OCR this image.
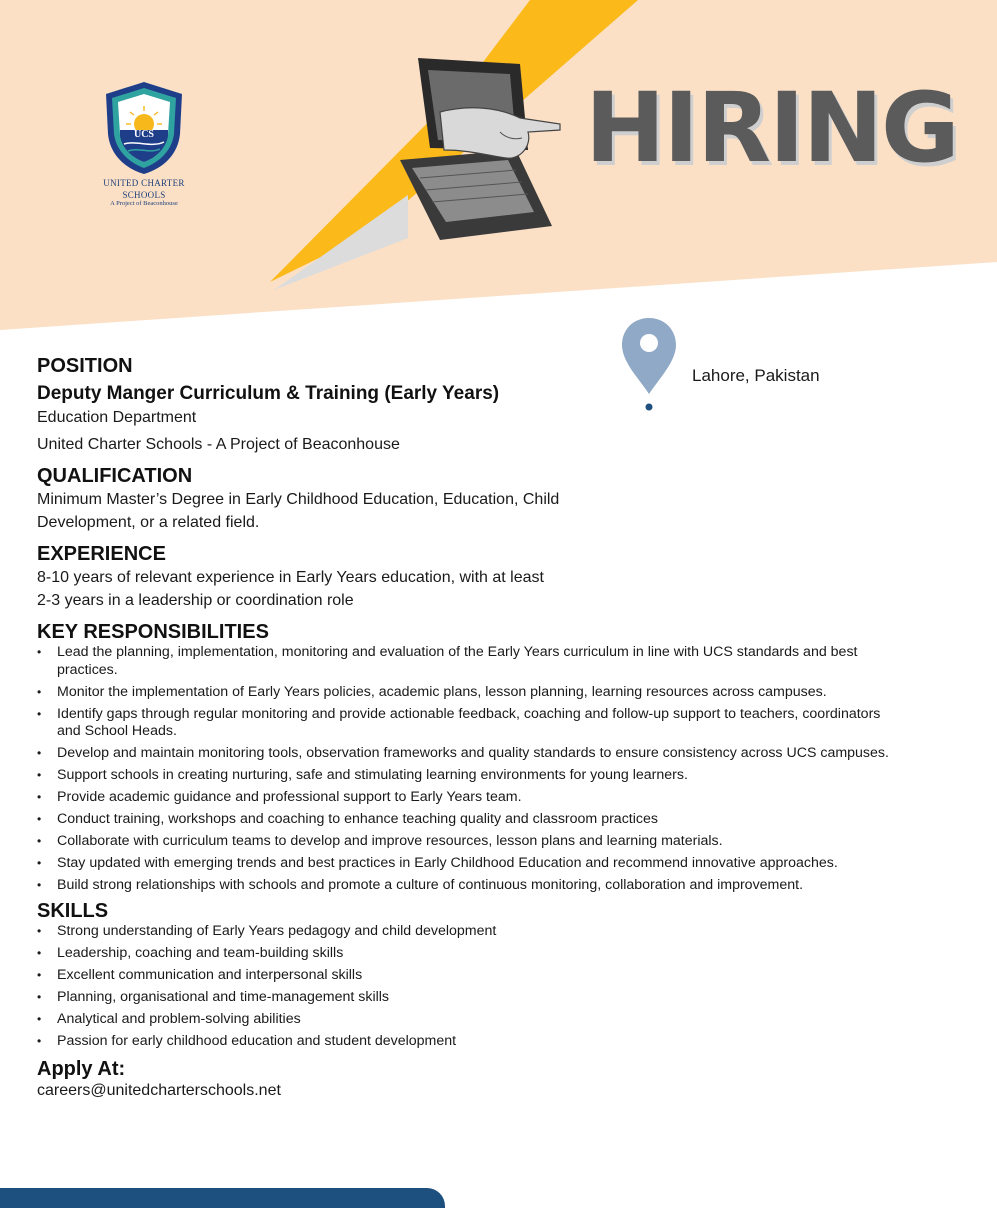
UCS
UNITED CHARTER
SCHOOLS
A Project of Beaconhouse
HIRING
Lahore, Pakistan
POSITION
Deputy Manger Curriculum & Training (Early Years)
Education Department
United Charter Schools - A Project of Beaconhouse
QUALIFICATION
Minimum Master’s Degree in Early Childhood Education, Education, Child
Development, or a related field.
EXPERIENCE
8-10 years of relevant experience in Early Years education, with at least
2-3 years in a leadership or coordination role
KEY RESPONSIBILITIES
• Lead the planning, implementation, monitoring and evaluation of the Early Years curriculum in line with UCS standards and best practices.
• Monitor the implementation of Early Years policies, academic plans, lesson planning, learning resources across campuses.
• Identify gaps through regular monitoring and provide actionable feedback, coaching and follow-up support to teachers, coordinators and School Heads.
• Develop and maintain monitoring tools, observation frameworks and quality standards to ensure consistency across UCS campuses.
• Support schools in creating nurturing, safe and stimulating learning environments for young learners.
• Provide academic guidance and professional support to Early Years team.
• Conduct training, workshops and coaching to enhance teaching quality and classroom practices
• Collaborate with curriculum teams to develop and improve resources, lesson plans and learning materials.
• Stay updated with emerging trends and best practices in Early Childhood Education and recommend innovative approaches.
• Build strong relationships with schools and promote a culture of continuous monitoring, collaboration and improvement.
SKILLS
• Strong understanding of Early Years pedagogy and child development
• Leadership, coaching and team-building skills
• Excellent communication and interpersonal skills
• Planning, organisational and time-management skills
• Analytical and problem-solving abilities
• Passion for early childhood education and student development
Apply At:
careers@unitedcharterschools.net
